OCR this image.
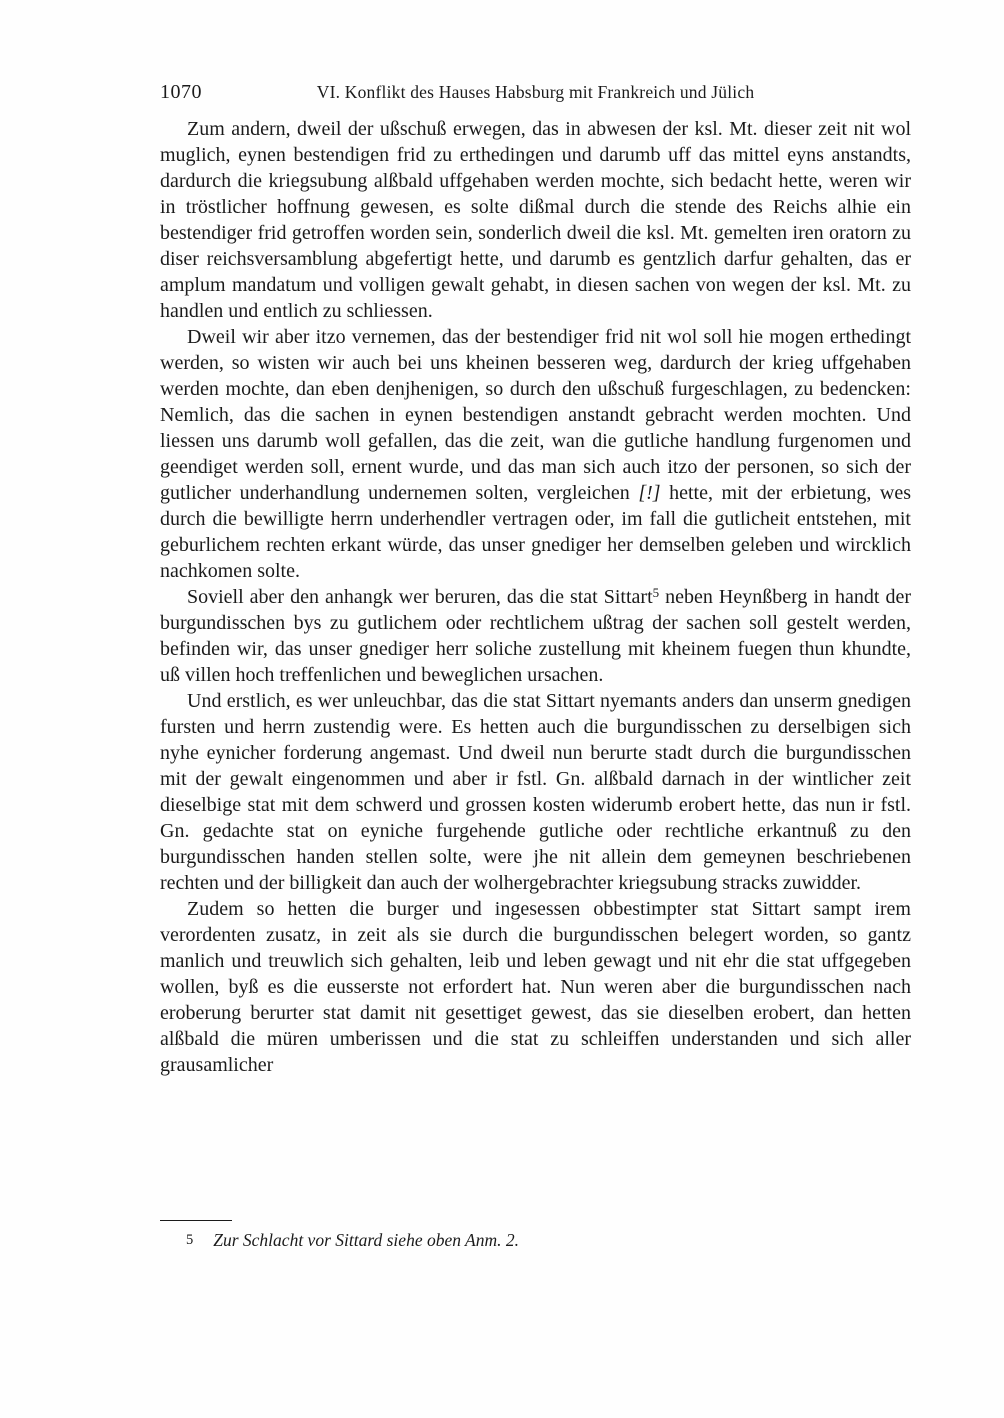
1070	VI. Konflikt des Hauses Habsburg mit Frankreich und Jülich

Zum andern, dweil der ußschuß erwegen, das in abwesen der ksl. Mt. dieser zeit nit wol muglich, eynen bestendigen frid zu erthedingen und darumb uff das mittel eyns anstandts, dardurch die kriegsubung alßbald uffgehaben werden mochte, sich bedacht hette, weren wir in tröstlicher hoffnung gewesen, es solte dißmal durch die stende des Reichs alhie ein bestendiger frid getroffen worden sein, sonderlich dweil die ksl. Mt. gemelten iren oratorn zu diser reichsversamblung abgefertigt hette, und darumb es gentzlich darfur gehalten, das er amplum mandatum und volligen gewalt gehabt, in diesen sachen von wegen der ksl. Mt. zu handlen und entlich zu schliessen.

Dweil wir aber itzo vernemen, das der bestendiger frid nit wol soll hie mogen erthedingt werden, so wisten wir auch bei uns kheinen besseren weg, dardurch der krieg uffgehaben werden mochte, dan eben denjhenigen, so durch den ußschuß furgeschlagen, zu bedencken: Nemlich, das die sachen in eynen bestendigen anstandt gebracht werden mochten. Und liessen uns darumb woll gefallen, das die zeit, wan die gutliche handlung furgenomen und geendiget werden soll, ernent wurde, und das man sich auch itzo der personen, so sich der gutlicher underhandlung undernemen solten, vergleichen [!] hette, mit der erbietung, wes durch die bewilligte herrn underhendler vertragen oder, im fall die gutlicheit entstehen, mit geburlichem rechten erkant würde, das unser gnediger her demselben geleben und wircklich nachkomen solte.

Soviell aber den anhangk wer beruren, das die stat Sittart$^5$ neben Heynßberg in handt der burgundisschen bys zu gutlichem oder rechtlichem ußtrag der sachen soll gestelt werden, befinden wir, das unser gnediger herr soliche zustellung mit kheinem fuegen thun khundte, uß villen hoch treffenlichen und beweglichen ursachen.

Und erstlich, es wer unleuchbar, das die stat Sittart nyemants anders dan unserm gnedigen fursten und herrn zustendig were. Es hetten auch die burgundisschen zu derselbigen sich nyhe eynicher forderung angemast. Und dweil nun berurte stadt durch die burgundisschen mit der gewalt eingenommen und aber ir fstl. Gn. alßbald darnach in der wintlicher zeit dieselbige stat mit dem schwerd und grossen kosten widerumb erobert hette, das nun ir fstl. Gn. gedachte stat on eyniche furgehende gutliche oder rechtliche erkantnuß zu den burgundisschen handen stellen solte, were jhe nit allein dem gemeynen beschriebenen rechten und der billigkeit dan auch der wolhergebrachter kriegsubung stracks zuwidder.

Zudem so hetten die burger und ingesessen obbestimpter stat Sittart sampt irem verordenten zusatz, in zeit als sie durch die burgundisschen belegert worden, so gantz manlich und treuwlich sich gehalten, leib und leben gewagt und nit ehr die stat uffgegeben wollen, byß es die eusserste not erfordert hat. Nun weren aber die burgundisschen nach eroberung berurter stat damit nit gesettiget gewest, das sie dieselben erobert, dan hetten alßbald die müren umberissen und die stat zu schleiffen understanden und sich aller grausamlicher

5 Zur Schlacht vor Sittard siehe oben Anm. 2.
